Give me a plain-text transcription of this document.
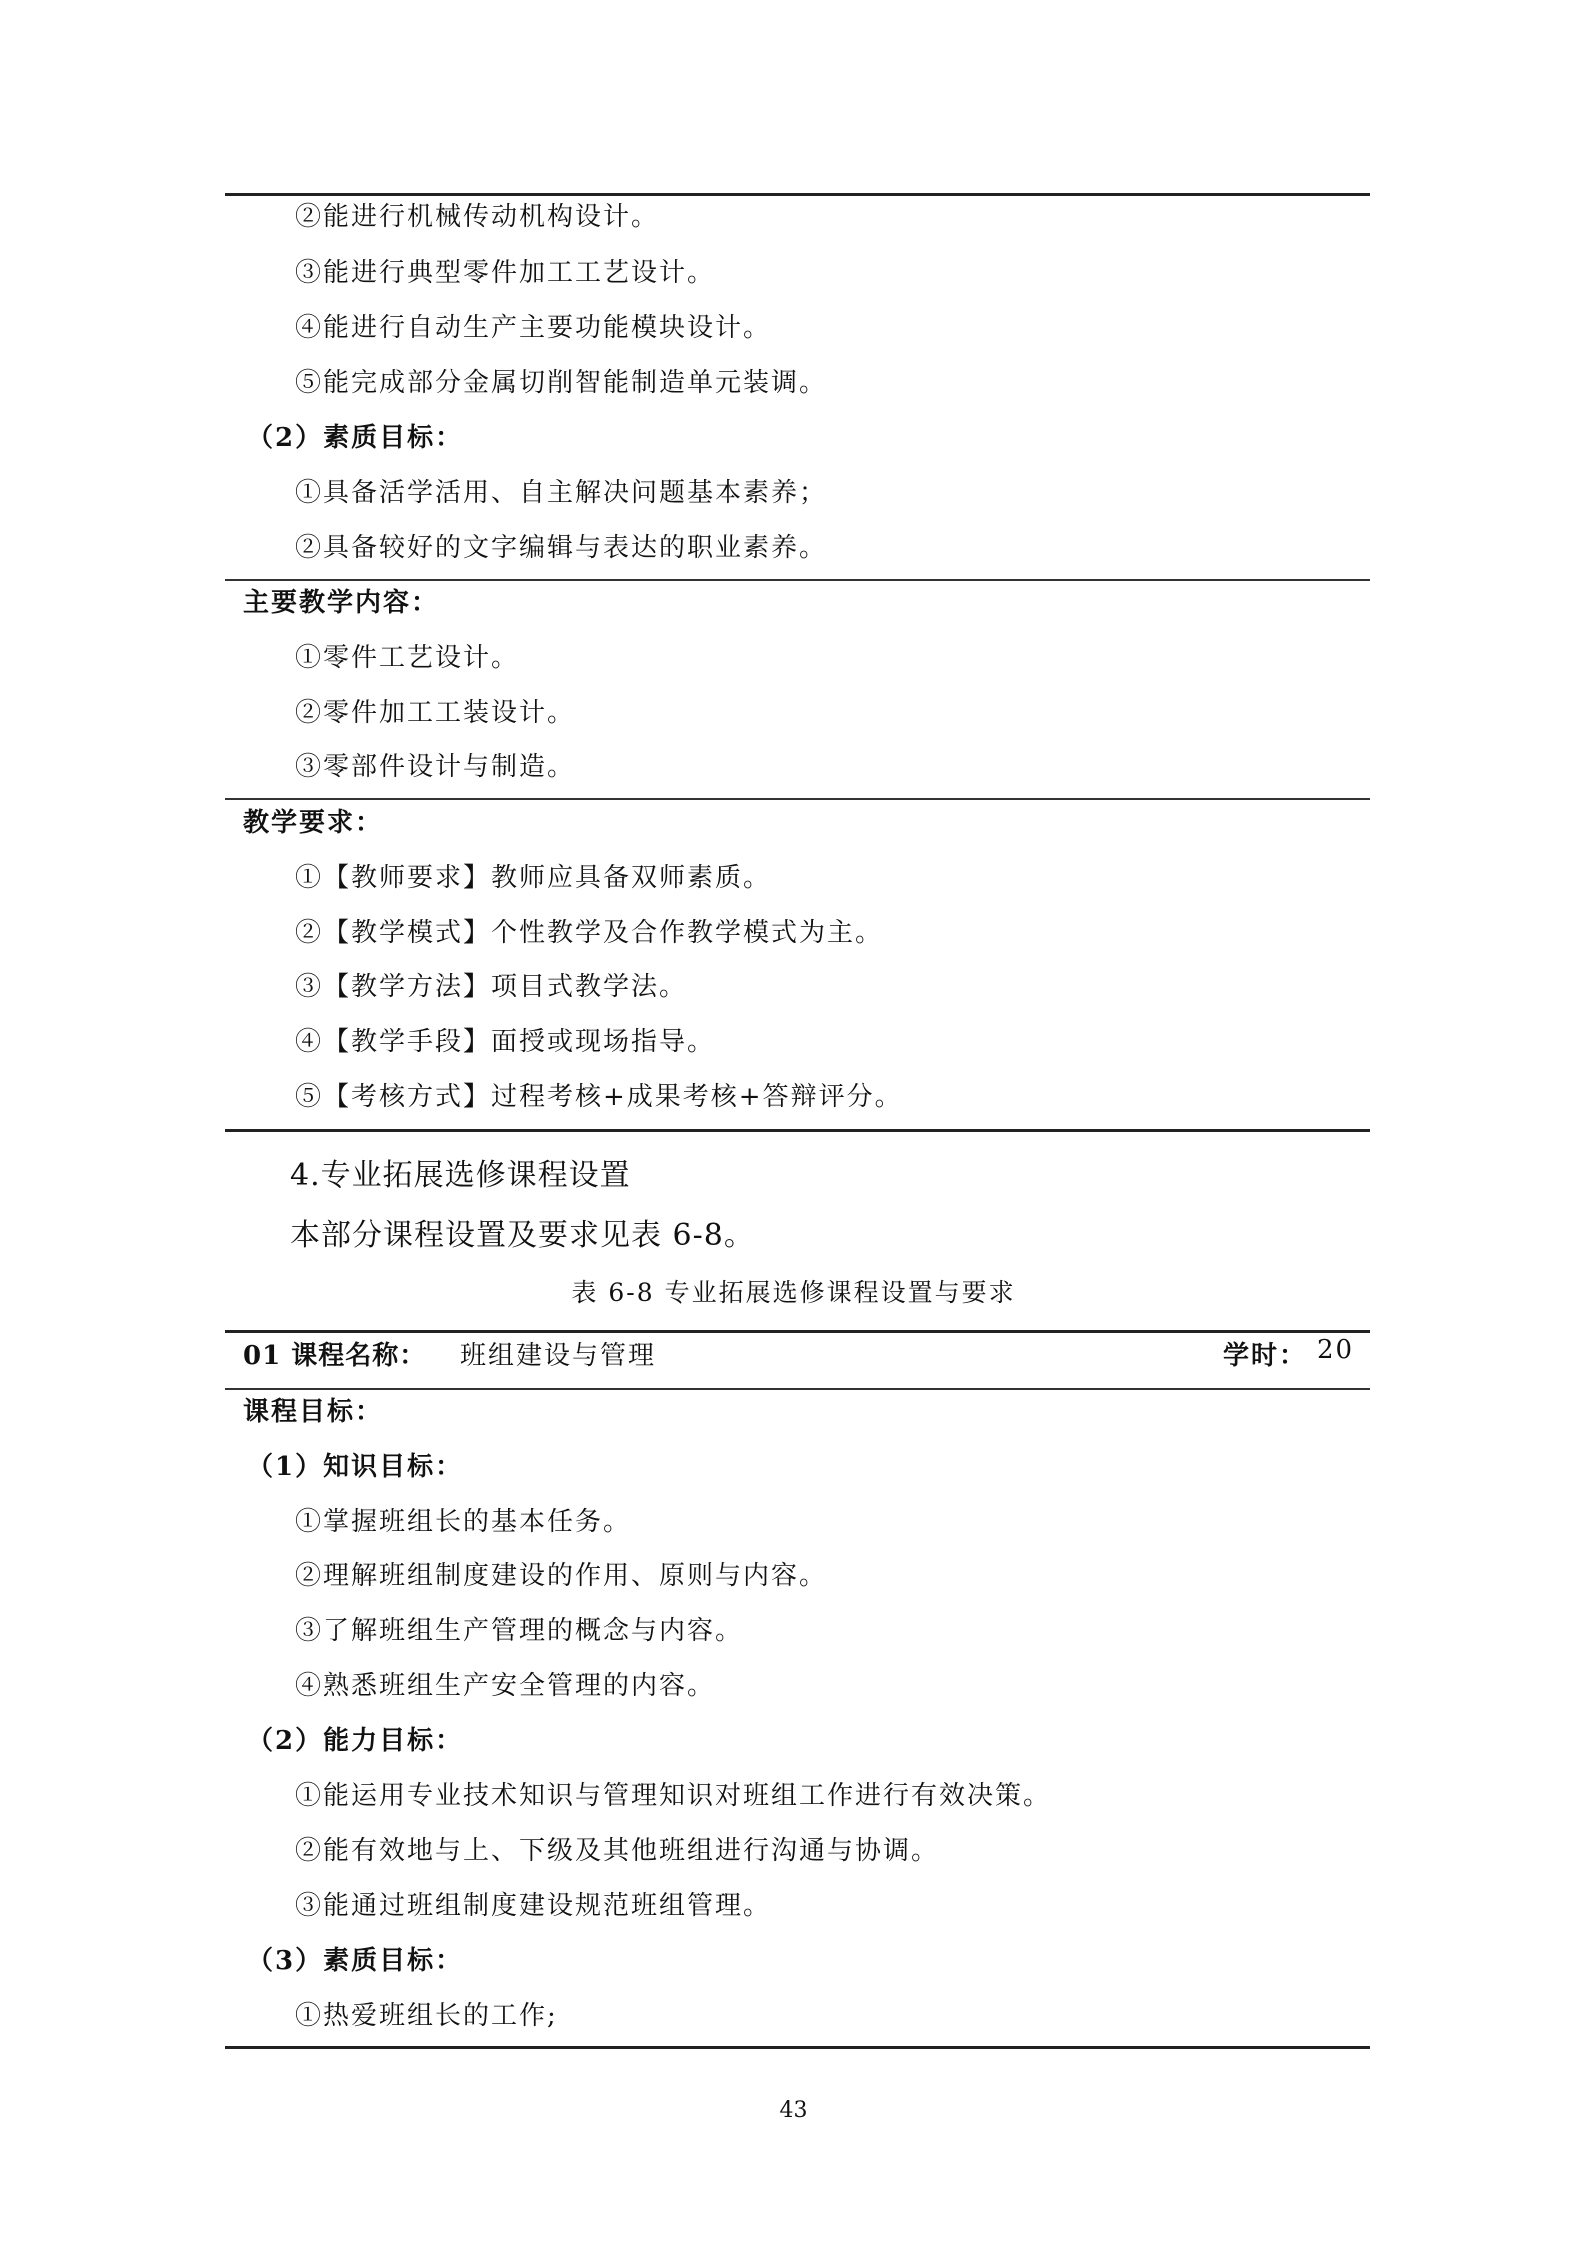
②能进行机械传动机构设计。
③能进行典型零件加工工艺设计。
④能进行自动生产主要功能模块设计。
⑤能完成部分金属切削智能制造单元装调。
（2）素质目标：
①具备活学活用、自主解决问题基本素养；
②具备较好的文字编辑与表达的职业素养。
主要教学内容：
①零件工艺设计。
②零件加工工装设计。
③零部件设计与制造。
教学要求：
①【教师要求】教师应具备双师素质。
②【教学模式】个性教学及合作教学模式为主。
③【教学方法】项目式教学法。
④【教学手段】面授或现场指导。
⑤【考核方式】过程考核+成果考核+答辩评分。
4.专业拓展选修课程设置
本部分课程设置及要求见表 6-8。
表 6-8 专业拓展选修课程设置与要求
01 课程名称： 班组建设与管理	学时： 20
课程目标：
（1）知识目标：
①掌握班组长的基本任务。
②理解班组制度建设的作用、原则与内容。
③了解班组生产管理的概念与内容。
④熟悉班组生产安全管理的内容。
（2）能力目标：
①能运用专业技术知识与管理知识对班组工作进行有效决策。
②能有效地与上、下级及其他班组进行沟通与协调。
③能通过班组制度建设规范班组管理。
（3）素质目标：
①热爱班组长的工作;
43
